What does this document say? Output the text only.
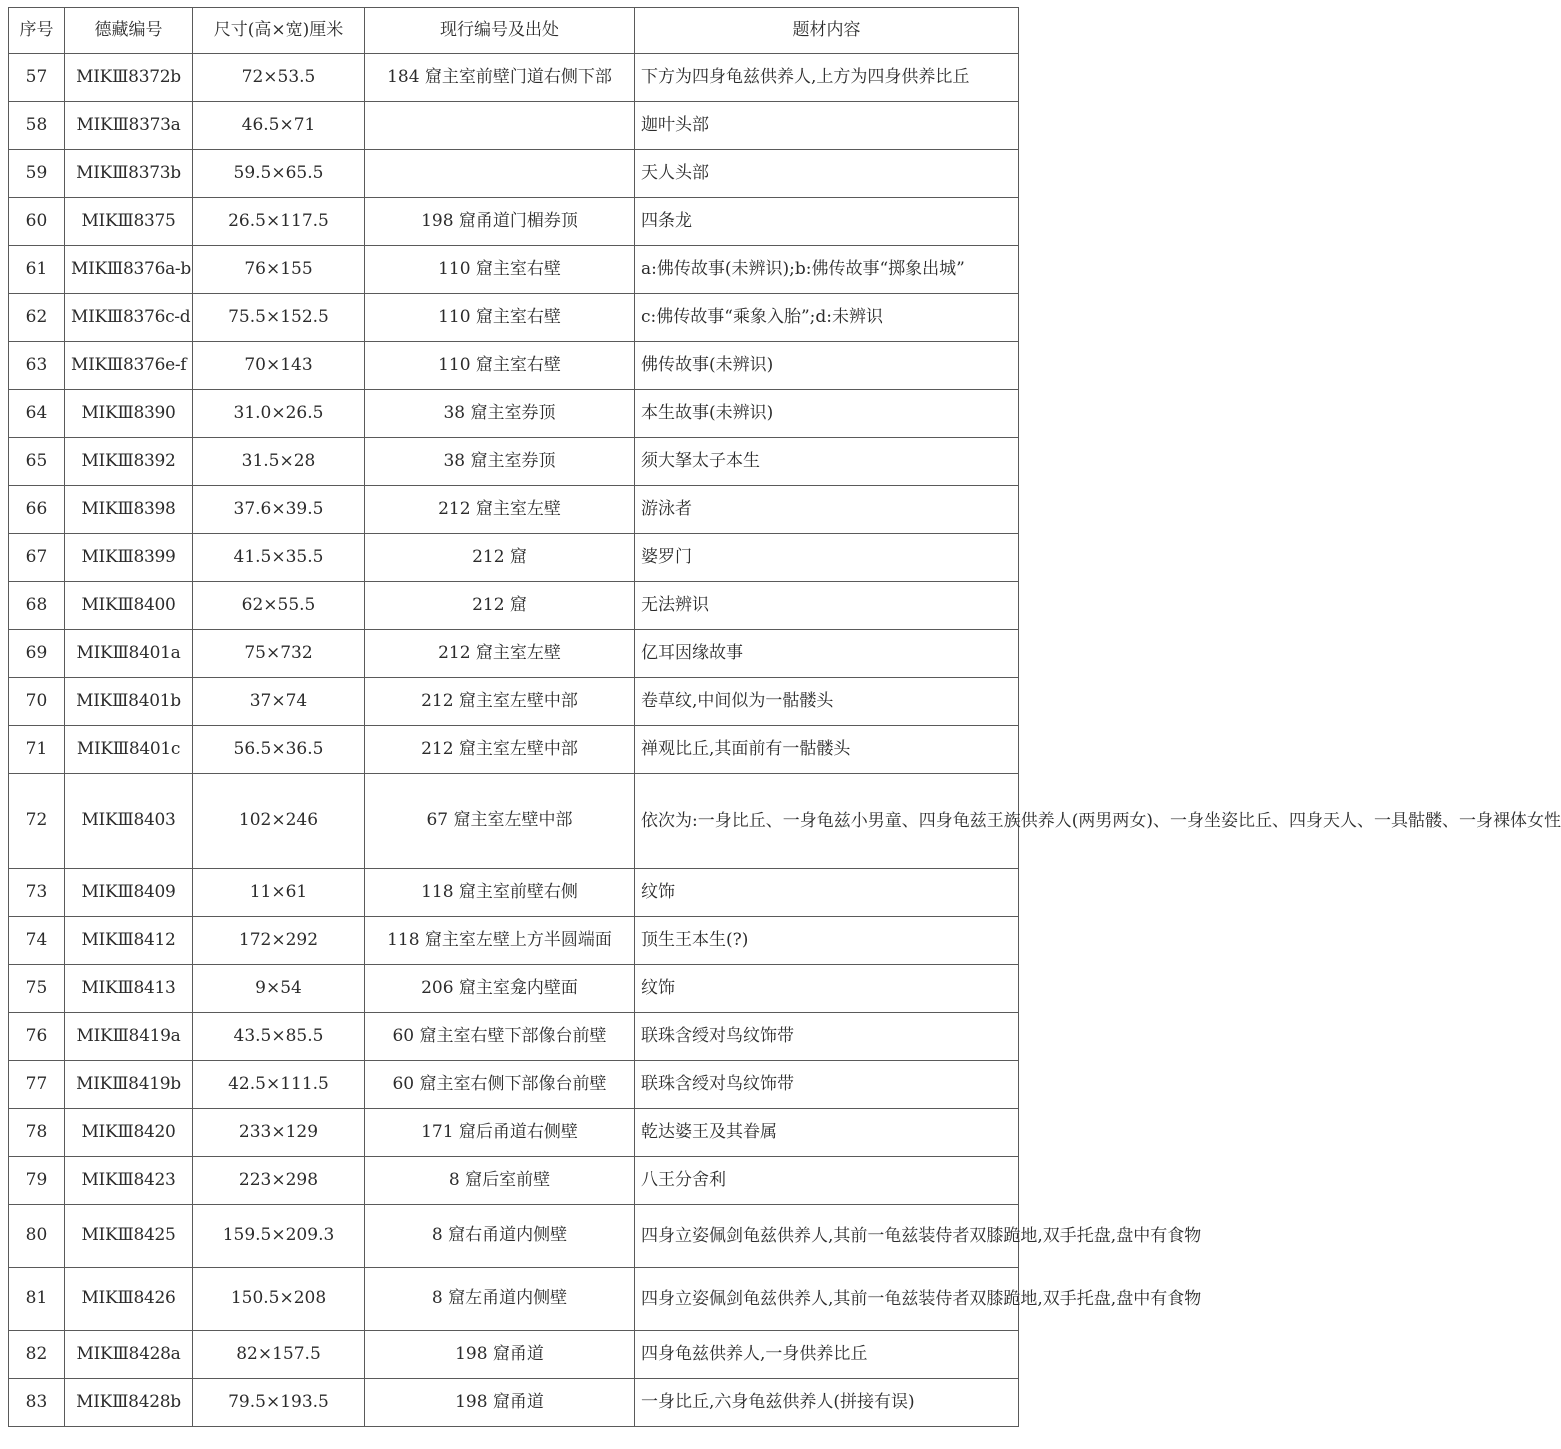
序号	德藏编号	尺寸(高×宽)厘米	现行编号及出处	题材内容
57	MIKⅢ8372b	72×53.5	184 窟主室前壁门道右侧下部	下方为四身龟兹供养人,上方为四身供养比丘

58	MIKⅢ8373a	46.5×71		迦叶头部

59	MIKⅢ8373b	59.5×65.5		天人头部

60	MIKⅢ8375	26.5×117.5	198 窟甬道门楣券顶	四条龙

61	MIKⅢ8376a-b	76×155	110 窟主室右壁	a:佛传故事(未辨识);b:佛传故事“掷象出城”

62	MIKⅢ8376c-d	75.5×152.5	110 窟主室右壁	c:佛传故事“乘象入胎”;d:未辨识

63	MIKⅢ8376e-f	70×143	110 窟主室右壁	佛传故事(未辨识)

64	MIKⅢ8390	31.0×26.5	38 窟主室券顶	本生故事(未辨识)

65	MIKⅢ8392	31.5×28	38 窟主室券顶	须大拏太子本生

66	MIKⅢ8398	37.6×39.5	212 窟主室左壁	游泳者

67	MIKⅢ8399	41.5×35.5	212 窟	婆罗门

68	MIKⅢ8400	62×55.5	212 窟	无法辨识

69	MIKⅢ8401a	75×732	212 窟主室左壁	亿耳因缘故事

70	MIKⅢ8401b	37×74	212 窟主室左壁中部	卷草纹,中间似为一骷髅头

71	MIKⅢ8401c	56.5×36.5	212 窟主室左壁中部	禅观比丘,其面前有一骷髅头

72	MIKⅢ8403	102×246	67 窟主室左壁中部	依次为:一身比丘、一身龟兹小男童、四身龟兹王族供养人(两男两女)、一身坐姿比丘、四身天人、一具骷髅、一身裸体女性

73	MIKⅢ8409	11×61	118 窟主室前壁右侧	纹饰

74	MIKⅢ8412	172×292	118 窟主室左壁上方半圆端面	顶生王本生(?)

75	MIKⅢ8413	9×54	206 窟主室龛内壁面	纹饰

76	MIKⅢ8419a	43.5×85.5	60 窟主室右壁下部像台前壁	联珠含绶对鸟纹饰带

77	MIKⅢ8419b	42.5×111.5	60 窟主室右侧下部像台前壁	联珠含绶对鸟纹饰带

78	MIKⅢ8420	233×129	171 窟后甬道右侧壁	乾达婆王及其眷属

79	MIKⅢ8423	223×298	8 窟后室前壁	八王分舍利

80	MIKⅢ8425	159.5×209.3	8 窟右甬道内侧壁	四身立姿佩剑龟兹供养人,其前一龟兹装侍者双膝跪地,双手托盘,盘中有食物

81	MIKⅢ8426	150.5×208	8 窟左甬道内侧壁	四身立姿佩剑龟兹供养人,其前一龟兹装侍者双膝跪地,双手托盘,盘中有食物

82	MIKⅢ8428a	82×157.5	198 窟甬道	四身龟兹供养人,一身供养比丘

83	MIKⅢ8428b	79.5×193.5	198 窟甬道	一身比丘,六身龟兹供养人(拼接有误)
